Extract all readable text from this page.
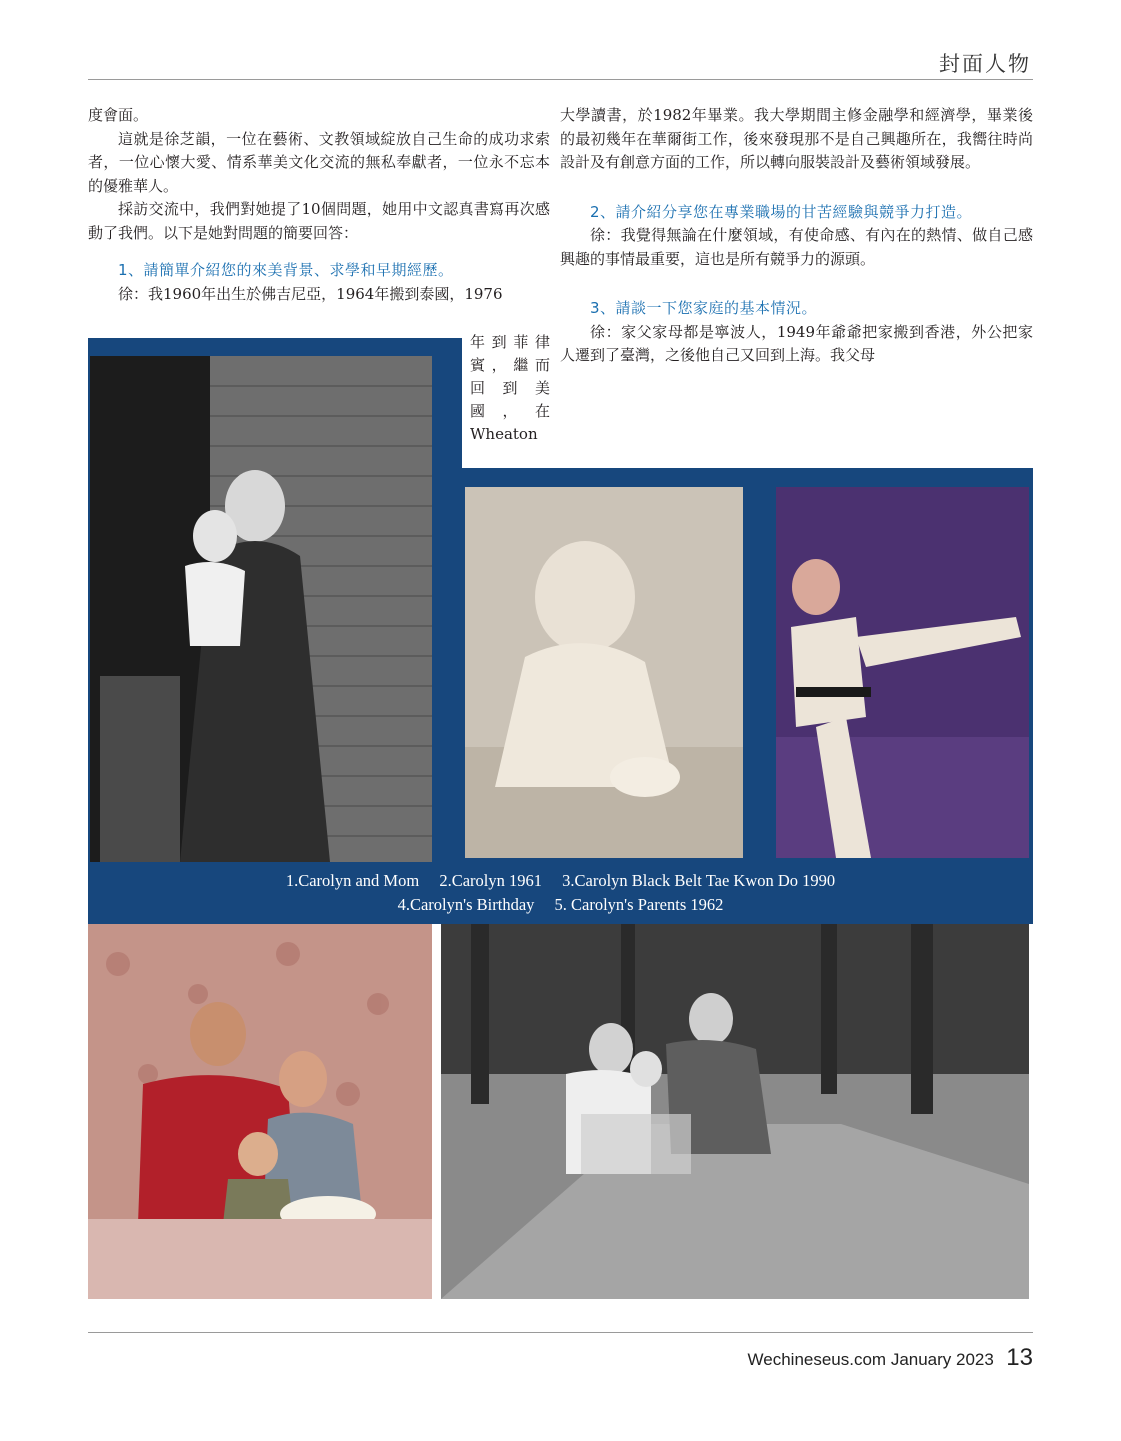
封面人物

度會面。

這就是徐芝韻，一位在藝術、文教領域綻放自己生命的成功求索者，一位心懷大愛、情系華美文化交流的無私奉獻者，一位永不忘本的優雅華人。

採訪交流中，我們對她提了10個問題，她用中文認真書寫再次感動了我們。以下是她對問題的簡要回答：

1、請簡單介紹您的來美背景、求學和早期經歷。

徐：我1960年出生於佛吉尼亞，1964年搬到泰國，1976

年到菲律
賓，繼而
回 到 美
國 ， 在
Wheaton

大學讀書，於1982年畢業。我大學期間主修金融學和經濟學，畢業後的最初幾年在華爾街工作，後來發現那不是自己興趣所在，我嚮往時尚設計及有創意方面的工作，所以轉向服裝設計及藝術領域發展。

2、請介紹分享您在專業職場的甘苦經驗與競爭力打造。

徐：我覺得無論在什麼領域，有使命感、有內在的熱情、做自己感興趣的事情最重要，這也是所有競爭力的源頭。

3、請談一下您家庭的基本情況。

徐：家父家母都是寧波人，1949年爺爺把家搬到香港，外公把家人遷到了臺灣，之後他自己又回到上海。我父母

1.Carolyn and Mom 2.Carolyn 1961 3.Carolyn Black Belt Tae Kwon Do 1990
4.Carolyn's Birthday 5. Carolyn's Parents 1962
Wechineseus.com January 2023 13
